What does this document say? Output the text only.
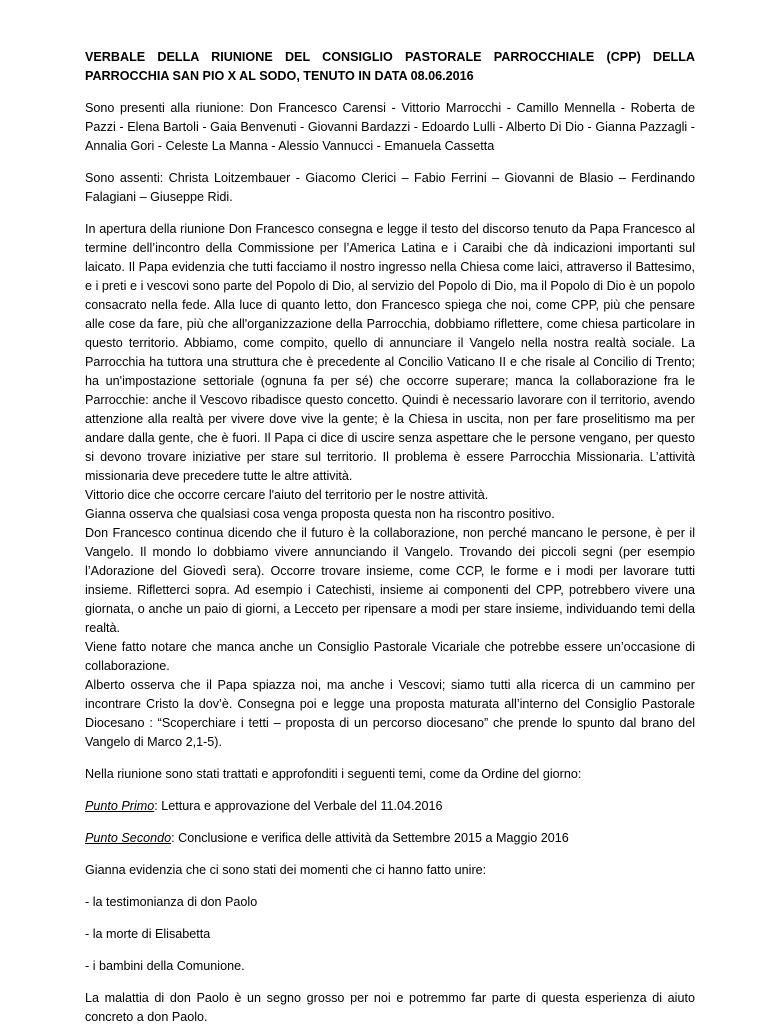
VERBALE DELLA RIUNIONE DEL CONSIGLIO PASTORALE PARROCCHIALE (CPP) DELLA PARROCCHIA SAN PIO X AL SODO, TENUTO IN DATA 08.06.2016

Sono presenti alla riunione: Don Francesco Carensi - Vittorio Marrocchi - Camillo Mennella - Roberta de Pazzi - Elena Bartoli - Gaia Benvenuti - Giovanni Bardazzi - Edoardo Lulli - Alberto Di Dio - Gianna Pazzagli - Annalia Gori - Celeste La Manna - Alessio Vannucci - Emanuela Cassetta

Sono assenti: Christa Loitzembauer - Giacomo Clerici – Fabio Ferrini – Giovanni de Blasio – Ferdinando Falagiani – Giuseppe Ridi.

In apertura della riunione Don Francesco consegna e legge il testo del discorso tenuto da Papa Francesco al termine dell’incontro della Commissione per l’America Latina e i Caraibi che dà indicazioni importanti sul laicato. Il Papa evidenzia che tutti facciamo il nostro ingresso nella Chiesa come laici, attraverso il Battesimo, e i preti e i vescovi sono parte del Popolo di Dio, al servizio del Popolo di Dio, ma il Popolo di Dio è un popolo consacrato nella fede. Alla luce di quanto letto, don Francesco spiega che noi, come CPP, più che pensare alle cose da fare, più che all'organizzazione della Parrocchia, dobbiamo riflettere, come chiesa particolare in questo territorio. Abbiamo, come compito, quello di annunciare il Vangelo nella nostra realtà sociale. La Parrocchia ha tuttora una struttura che è precedente al Concilio Vaticano II e che risale al Concilio di Trento; ha un'impostazione settoriale (ognuna fa per sé) che occorre superare; manca la collaborazione fra le Parrocchie: anche il Vescovo ribadisce questo concetto. Quindi è necessario lavorare con il territorio, avendo attenzione alla realtà per vivere dove vive la gente; è la Chiesa in uscita, non per fare proselitismo ma per andare dalla gente, che è fuori. Il Papa ci dice di uscire senza aspettare che le persone vengano, per questo si devono trovare iniziative per stare sul territorio. Il problema è essere Parrocchia Missionaria. L’attività missionaria deve precedere tutte le altre attività.

Vittorio dice che occorre cercare l'aiuto del territorio per le nostre attività.

Gianna osserva che qualsiasi cosa venga proposta questa non ha riscontro positivo.

Don Francesco continua dicendo che il futuro è la collaborazione, non perché mancano le persone, è per il Vangelo. Il mondo lo dobbiamo vivere annunciando il Vangelo. Trovando dei piccoli segni (per esempio l’Adorazione del Giovedì sera). Occorre trovare insieme, come CCP, le forme e i modi per lavorare tutti insieme. Rifletterci sopra. Ad esempio i Catechisti, insieme ai componenti del CPP, potrebbero vivere una giornata, o anche un paio di giorni, a Lecceto per ripensare a modi per stare insieme, individuando temi della realtà.

Viene fatto notare che manca anche un Consiglio Pastorale Vicariale che potrebbe essere un’occasione di collaborazione.

Alberto osserva che il Papa spiazza noi, ma anche i Vescovi; siamo tutti alla ricerca di un cammino per incontrare Cristo la dov’è. Consegna poi e legge una proposta maturata all’interno del Consiglio Pastorale Diocesano : “Scoperchiare i tetti – proposta di un percorso diocesano” che prende lo spunto dal brano del Vangelo di Marco 2,1-5).

Nella riunione sono stati trattati e approfonditi i seguenti temi, come da Ordine del giorno:

Punto Primo: Lettura e approvazione del Verbale del 11.04.2016

Punto Secondo: Conclusione e verifica delle attività da Settembre 2015 a Maggio 2016

Gianna evidenzia che ci sono stati dei momenti che ci hanno fatto unire:

- la testimonianza di don Paolo

- la morte di Elisabetta

- i bambini della Comunione.

La malattia di don Paolo è un segno grosso per noi e potremmo far parte di questa esperienza di aiuto concreto a don Paolo.
